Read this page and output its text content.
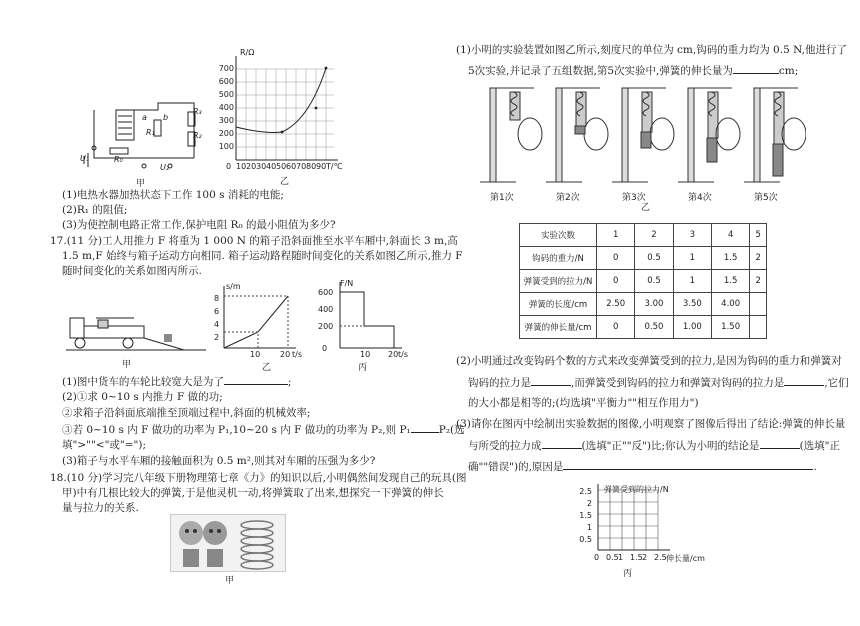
R₃
R₂
R₁
R₀
U₁
U₂
a b
甲
R/Ω
700
600
500
400
300
200
100
0 10 20 30 40 50 60 70 80 90 T/℃
乙
(1)电热水器加热状态下工作 100 s 消耗的电能;
(2)R₁ 的阻值;
(3)为使控制电路正常工作,保护电阻 R₀ 的最小阻值为多少?
17.(11 分)工人用推力 F 将重为 1 000 N 的箱子沿斜面推至水平车厢中,斜面长 3 m,高
1.5 m,F 始终与箱子运动方向相同. 箱子运动路程随时间变化的关系如图乙所示,推力 F
随时间变化的关系如图丙所示.
甲
s/m
8
6
4
2
10 20 t/s
乙
F/N
600
400
200
0
10 20 t/s
丙
(1)图中货车的车轮比较宽大是为了	;
(2)①求 0~10 s 内推力 F 做的功;
②求箱子沿斜面底端推至顶端过程中,斜面的机械效率;
③若 0~10 s 内 F 做功的功率为 P₁,10~20 s 内 F 做功的功率为 P₂,则 P₁	P₂(选
填">""<"或"=");
(3)箱子与水平车厢的接触面积为 0.5 m²,则其对车厢的压强为多少?
18.(10 分)学习完八年级下册物理第七章《力》的知识以后,小明偶然间发现自己的玩具(图
甲)中有几根比较大的弹簧,于是他灵机一动,将弹簧取了出来,想探究一下弹簧的伸长
量与拉力的关系.
甲
(1)小明的实验装置如图乙所示,刻度尺的单位为 cm,钩码的重力均为 0.5 N,他进行了
5次实验,并记录了五组数据,第5次实验中,弹簧的伸长量为	cm;
第1次	第2次	第3次	第4次	第5次
乙
实验次数	1	2	3	4	5
钩码的重力/N	0	0.5	1	1.5	2
弹簧受到的拉力/N	0	0.5	1	1.5	2
弹簧的长度/cm	2.50	3.00	3.50	4.00	
弹簧的伸长量/cm	0	0.50	1.00	1.50	
(2)小明通过改变钩码个数的方式来改变弹簧受到的拉力,是因为钩码的重力和弹簧对
钩码的拉力是	,而弹簧受到钩码的拉力和弹簧对钩码的拉力是	,它们
的大小都是相等的;(均选填"平衡力""相互作用力")
(3)请你在图丙中绘制出实验数据的图像,小明观察了图像后得出了结论:弹簧的伸长量
与所受的拉力成	(选填"正""反")比;你认为小明的结论是	(选填"正
确""错误")的,原因是	.
弹簧受到的拉力/N
2.5
2
1.5
1
0.5
0 0.5 1 1.5 2 2.5 伸长量/cm
丙
